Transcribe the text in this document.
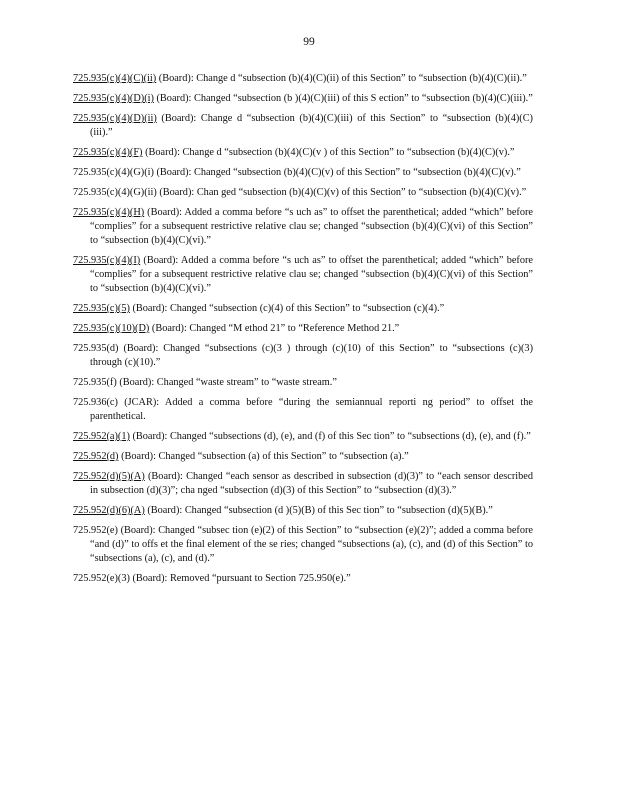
99

725.935(c)(4)(C)(ii) (Board): Change d “subsection (b)(4)(C)(ii) of this Section” to “subsection (b)(4)(C)(ii).”

725.935(c)(4)(D)(i) (Board): Changed “subsection (b )(4)(C)(iii) of this S ection” to “subsection (b)(4)(C)(iii).”

725.935(c)(4)(D)(ii) (Board): Change d “subsection (b)(4)(C)(iii) of this Section” to “subsection (b)(4)(C)(iii).”

725.935(c)(4)(F) (Board): Change d “subsection (b)(4)(C)(v ) of this Section” to “subsection (b)(4)(C)(v).”

725.935(c)(4)(G)(i) (Board): Changed “subsection (b)(4)(C)(v) of this Section” to “subsection (b)(4)(C)(v).”

725.935(c)(4)(G)(ii) (Board): Chan ged “subsection (b)(4)(C)(v) of this Section” to “subsection (b)(4)(C)(v).”

725.935(c)(4)(H) (Board): Added a comma before “s uch as” to offset the parenthetical; added “which” before “complies” for a subsequent restrictive relative clau se; changed “subsection (b)(4)(C)(vi) of this Section” to “subsection (b)(4)(C)(vi).”

725.935(c)(4)(I) (Board): Added a comma before “s uch as” to offset the parenthetical; added “which” before “complies” for a subsequent restrictive relative clau se; changed “subsection (b)(4)(C)(vi) of this Section” to “subsection (b)(4)(C)(vi).”

725.935(c)(5) (Board): Changed “subsection (c)(4) of this Section” to “subsection (c)(4).”

725.935(c)(10)(D) (Board): Changed “M ethod 21” to “Reference Method 21.”

725.935(d) (Board): Changed “subsections (c)(3 ) through (c)(10) of this Section” to “subsections (c)(3) through (c)(10).”

725.935(f) (Board): Changed “waste stream” to “waste stream.”

725.936(c) (JCAR): Added a comma before “during the semiannual reporti ng period” to offset the parenthetical.

725.952(a)(1) (Board): Changed “subsections (d), (e), and (f) of this Sec tion” to “subsections (d), (e), and (f).”

725.952(d) (Board): Changed “subsection (a) of this Section” to “subsection (a).”

725.952(d)(5)(A) (Board): Changed “each sensor as described in subsection (d)(3)” to “each sensor described in subsection (d)(3)”; cha nged “subsection (d)(3) of this Section” to “subsection (d)(3).”

725.952(d)(6)(A) (Board): Changed “subsection (d )(5)(B) of this Sec tion” to “subsection (d)(5)(B).”

725.952(e) (Board): Changed “subsec tion (e)(2) of this Section” to “subsection (e)(2)”; added a comma before “and (d)” to offs et the final element of the se ries; changed “subsections (a), (c), and (d) of this Section” to “subsections (a), (c), and (d).”

725.952(e)(3) (Board): Removed “pursuant to Section 725.950(e).”
